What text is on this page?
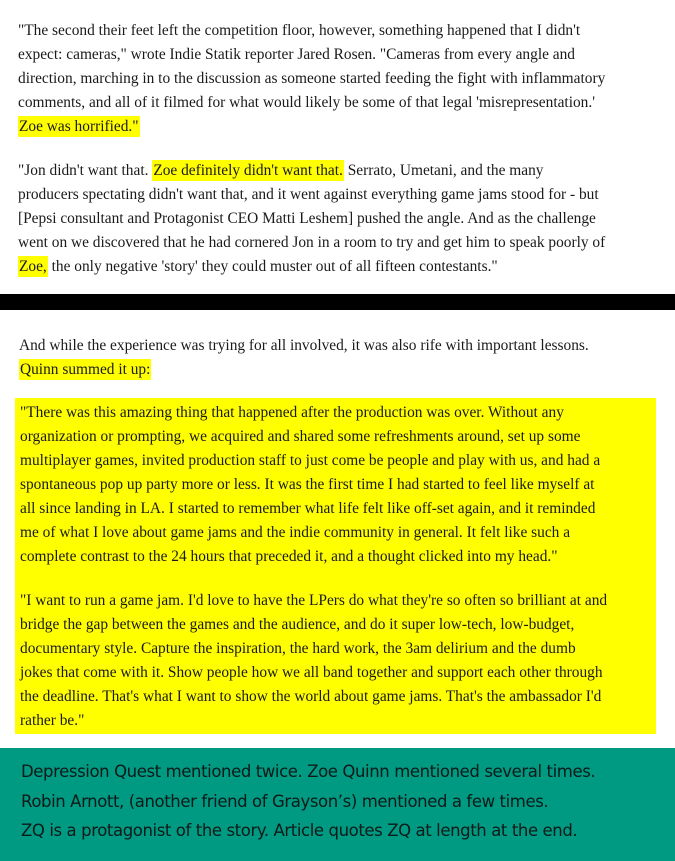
"The second their feet left the competition floor, however, something happened that I didn't
expect: cameras," wrote Indie Statik reporter Jared Rosen. "Cameras from every angle and
direction, marching in to the discussion as someone started feeding the fight with inflammatory
comments, and all of it filmed for what would likely be some of that legal 'misrepresentation.'
Zoe was horrified."
"Jon didn't want that. Zoe definitely didn't want that. Serrato, Umetani, and the many
producers spectating didn't want that, and it went against everything game jams stood for - but
[Pepsi consultant and Protagonist CEO Matti Leshem] pushed the angle. And as the challenge
went on we discovered that he had cornered Jon in a room to try and get him to speak poorly of
Zoe, the only negative 'story' they could muster out of all fifteen contestants."
And while the experience was trying for all involved, it was also rife with important lessons.
Quinn summed it up:
"There was this amazing thing that happened after the production was over. Without any
organization or prompting, we acquired and shared some refreshments around, set up some
multiplayer games, invited production staff to just come be people and play with us, and had a
spontaneous pop up party more or less. It was the first time I had started to feel like myself at
all since landing in LA. I started to remember what life felt like off-set again, and it reminded
me of what I love about game jams and the indie community in general. It felt like such a
complete contrast to the 24 hours that preceded it, and a thought clicked into my head."
"I want to run a game jam. I'd love to have the LPers do what they're so often so brilliant at and
bridge the gap between the games and the audience, and do it super low-tech, low-budget,
documentary style. Capture the inspiration, the hard work, the 3am delirium and the dumb
jokes that come with it. Show people how we all band together and support each other through
the deadline. That's what I want to show the world about game jams. That's the ambassador I'd
rather be."
Depression Quest mentioned twice. Zoe Quinn mentioned several times.
Robin Arnott, (another friend of Grayson’s) mentioned a few times.
ZQ is a protagonist of the story. Article quotes ZQ at length at the end.
